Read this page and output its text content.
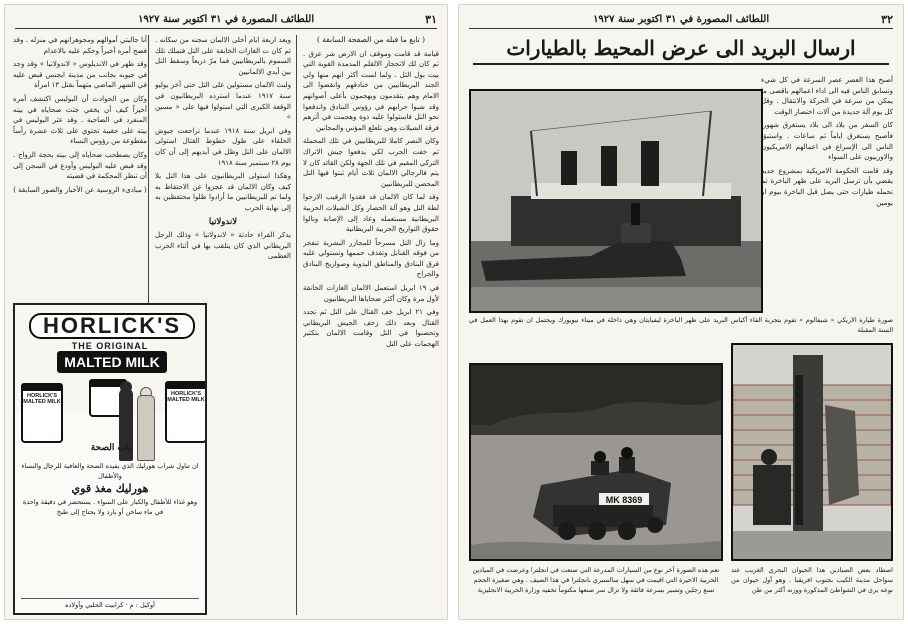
٣١
اللطائف المصورة في ٣١ اكتوبر سنة ١٩٢٧
( تابع ما قبله من الصفحة السابقة )

قيامة قد قامت وموقف ان الارض شر عزق . ثم كان لك لاتحجاز الالقلم المدمدة القوية التي بيت بول الثل . ولما لست أكثر انهم منها ولي الجند البريطانيين من خنادقهم وانقضوا الى الامام وهم يتقدمون ويهجمون بأعلى أصواتهم وقد شبوا حرابهم في رؤوس البنادق واندفعوا نحو التل فاستولوا عليه ذوة وهجمت في أثرهم فرقة الشيلات وهي تلعلع المؤس والمجانين

وكان النصر كاملا للبريطانيين في تلك المحملة ثم خفت الحرب لكي يدفعوا جيش الاتراك التركي المقيم في تلك الجهة ولكن القائد كان لا يتم فالرجالي الالمان ثلاث أيام ثبتوا فيها التل المحصن للبريطانيين

وقد لما كان الالمان قد فقدوا الرقيب الارحوا لطة النل وهو آلة الحصار وكل الشيلات الحربية البريطانية مستعمله وعاد إلى الإصابة ونالوا حقوق التواريخ الحربية البريطانية

وما زال التل مسرحاً للمجازر البشرية تنفجر من فوقه القنابل وتقذف حممها وتستولي عليه فرق البنادق والمناطق اليدوية وصواريخ البنادق والجراح

في ١٩ ابريل استعمل الالمان الغازات الخانقة لأول مرة وكان أكثر ضحاياها البريطانيون

وفي ٢١ ابريل خف القتال على التل ثم تجدد القتال وبعد ذلك زحف الجيش البريطاني وتحصنوا في التل وقامت الالمان بتكثير الهجمات على التل

ويعد اربعة ايام أخلى الالمان سجنه من سكانه . ثم كان ت الغازات الخانقة على التل فتملك تلك السموم بالبريطانيين فما مرّ ذريعاً وسقط التل بين أيدي الالمانيين

ولبث الالمان مستولين على التل حتى آخر يوليو سنة ١٩١٧ عندما استرده البريطانيون في الوقعة الكبرى التي استولوا فيها على « مسين »

وفي ابريل سنة ١٩١٨ عندما تراجعت جيوش الحلفاء على طول خطوط القتال استولى الالمان على التل وظل في أيديهم إلى أن كان يوم ٢٨ سبتمبر سنة ١٩١٨

وهكذا استولى البريطانيون على هذا التل بلا كيف وكان الالمان قد عجزوا عن الاحتفاظ به ولما تم للبريطانيين ما أرادوا ظلوا محتفظين به إلى نهاية الحرب

لاندولاتيا

يذكر القراء حادثة « لاندولاتيا » وذلك الرجل البريطاني الذي كان يتلقب بها في أثناء الحرب العظمى

أنا جاليتي أموالهم ومجوهراتهم في منزله . وقد فضح أمره أخيراً وحكم عليه بالاعدام

وقد ظهر في الانديلوس « لاندولاتيا » وقد وجد في جيوبه بجانب من مدينة ايجنس قبض عليه في الشهر الماضي متهماً بقتل ١٣ امرأة

وكان من الحوادث أن البوليس اكتشف أمره أخيراً كيف أن يخفي جثث ضحاياه في بيته المنفرد في الضاحية . وقد عثر البوليس في بيته على حقيبة تحتوي على ثلاث عشرة رأساً مقطوعة من رؤوس النساء

وكان يصطحب ضحاياه إلى بيته بحجة الزواج . وقد قبض عليه البوليس وأودع في السجن إلى أن تنظر المحكمة في قضيته

( مبادىء الروسية عن الأخبار والصور السابقة )
HORLICK'S
THE ORIGINAL
MALTED MILK
HORLICK'S MALTED MILK
HORLICK'S MALTED MILK
باب الصحة
ان تناول شراب هورليك الذي يفيده الصحة والعافية للرجال والنساء والأطفال
هورليك مغذ قوي
وهو غذاء للأطفال والكبار على السواء . يستحضر في دقيقة واحدة في ماء ساخن أو بارد ولا يحتاج إلى طبخ
أوكيل : م · كرابيت الحلبي وأولاده
٣٢
اللطائف المصورة في ٣١ اكتوبر سنة ١٩٢٧
ارسال البريد الى عرض المحيط بالطيارات

أصبح هذا العصر عصر السرعة في كل شيء وتسابق الناس فيه الى اداء اعمالهم باقصى ما يمكن من سرعة في الحركة والانتقال . وقل كل يوم آلة جديدة من آلات اختصار الوقت

كان السفر من بلاد الى بلاد يستغرق شهوراً فأصبح يستغرق اياماً ثم ساعات . واستبق الناس الى الإسراع في اعمالهم الامريكيون والاوربيون على السواء

وقد قامت الحكومة الامريكية بمشروع جديد يقضي بأن ترسل البريد على ظهر الباخرة ثم تحمله طيارات حتى يصل قبل الباخرة بيوم او يومين

صورة طيارة الاريكي « شيفالوم » تقوم بتجربة القاء أكياس البريد على ظهر الباخرة ليفيايثان وهي داخلة في ميناء نيويورك ويحتمل ان تقوم بهذا العمل في السنة المقبلة
MK 8369
نعم هذه الصورة آخر نوع من السيارات المدرعة التي صنعت في انجلترا وعرضت في الميادين الحربية الاخيرة التي اقيمت في سهل سالسبري بانجلترا في هذا الصيف . وهي صغيرة الحجم تسع رجلين وتسير بسرعة فائقة ولا تزال سر صنعها مكتوماً تخفيه وزارة الحربية الانجليزية
اصطاد بعض الصيادين هذا الحيوان البحري الغريب عند سواحل مدينة الكيب بجنوب افريقيا . وهو أول حيوان من نوعه يرى في الشواطئ المذكورة ووزنه أكثر من طن
